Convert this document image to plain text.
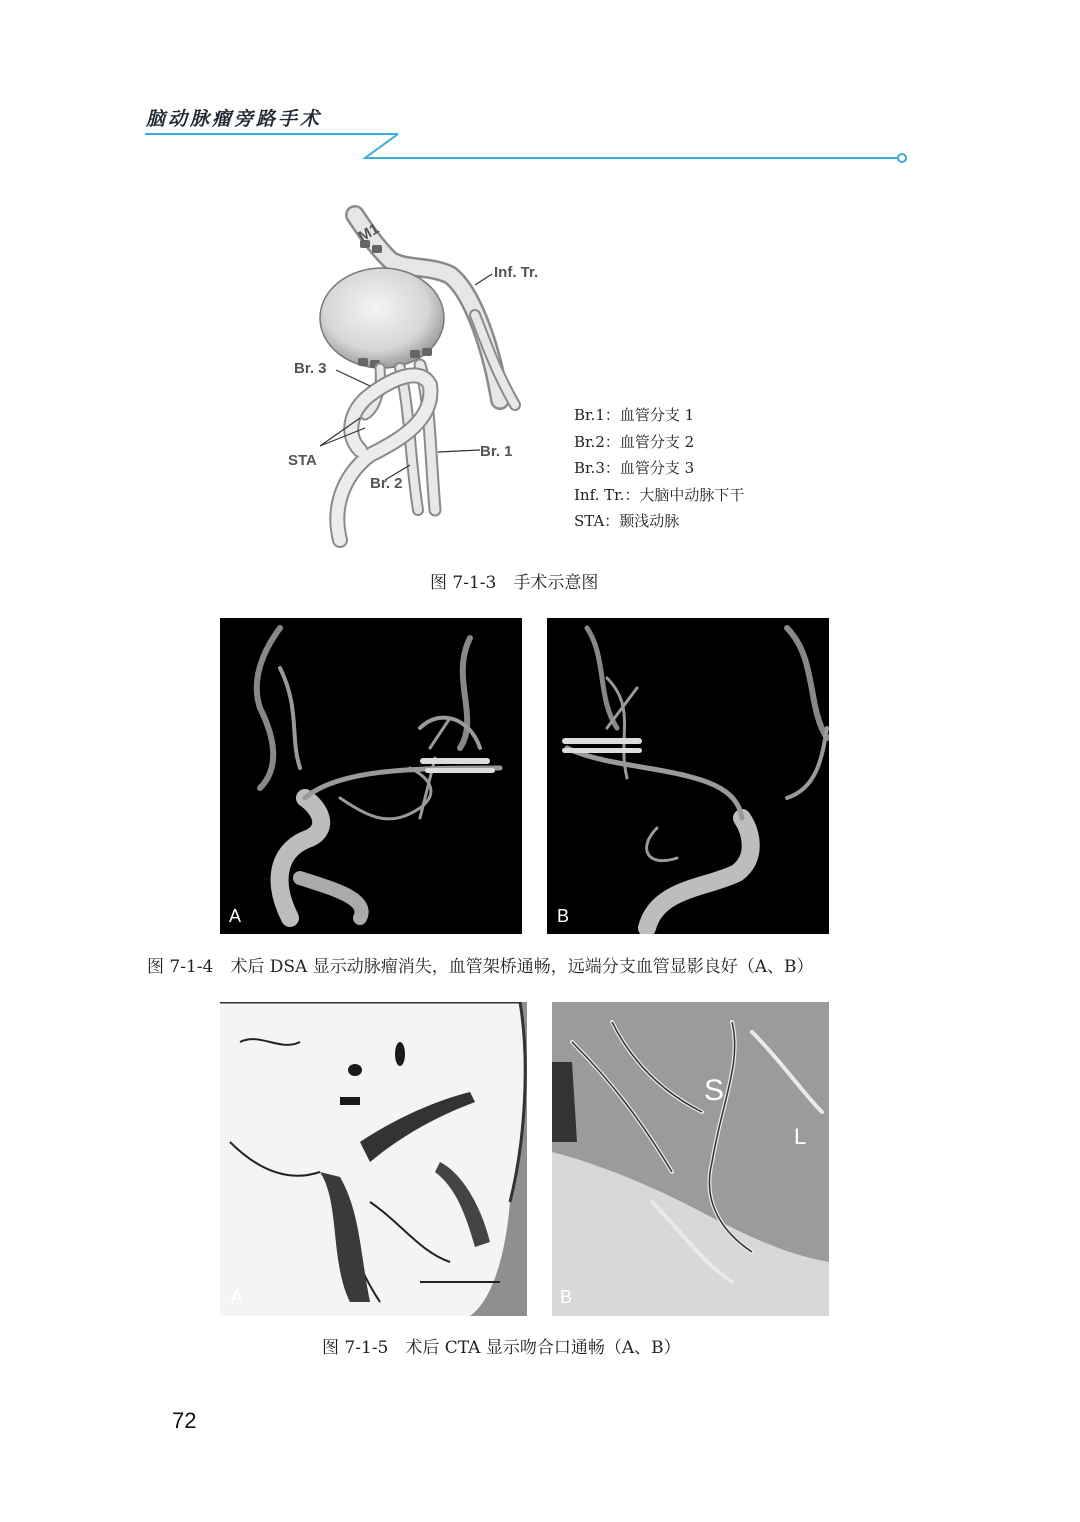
脑动脉瘤旁路手术
M1
Inf. Tr.
Br. 3
STA
Br. 2
Br. 1
Br.1：血管分支 1
Br.2：血管分支 2
Br.3：血管分支 3
Inf. Tr.：大脑中动脉下干
STA：颞浅动脉
图 7-1-3　手术示意图
A	B
图 7-1-4　术后 DSA 显示动脉瘤消失，血管架桥通畅，远端分支血管显影良好（A、B）
A
S
L
B
图 7-1-5　术后 CTA 显示吻合口通畅（A、B）
72
